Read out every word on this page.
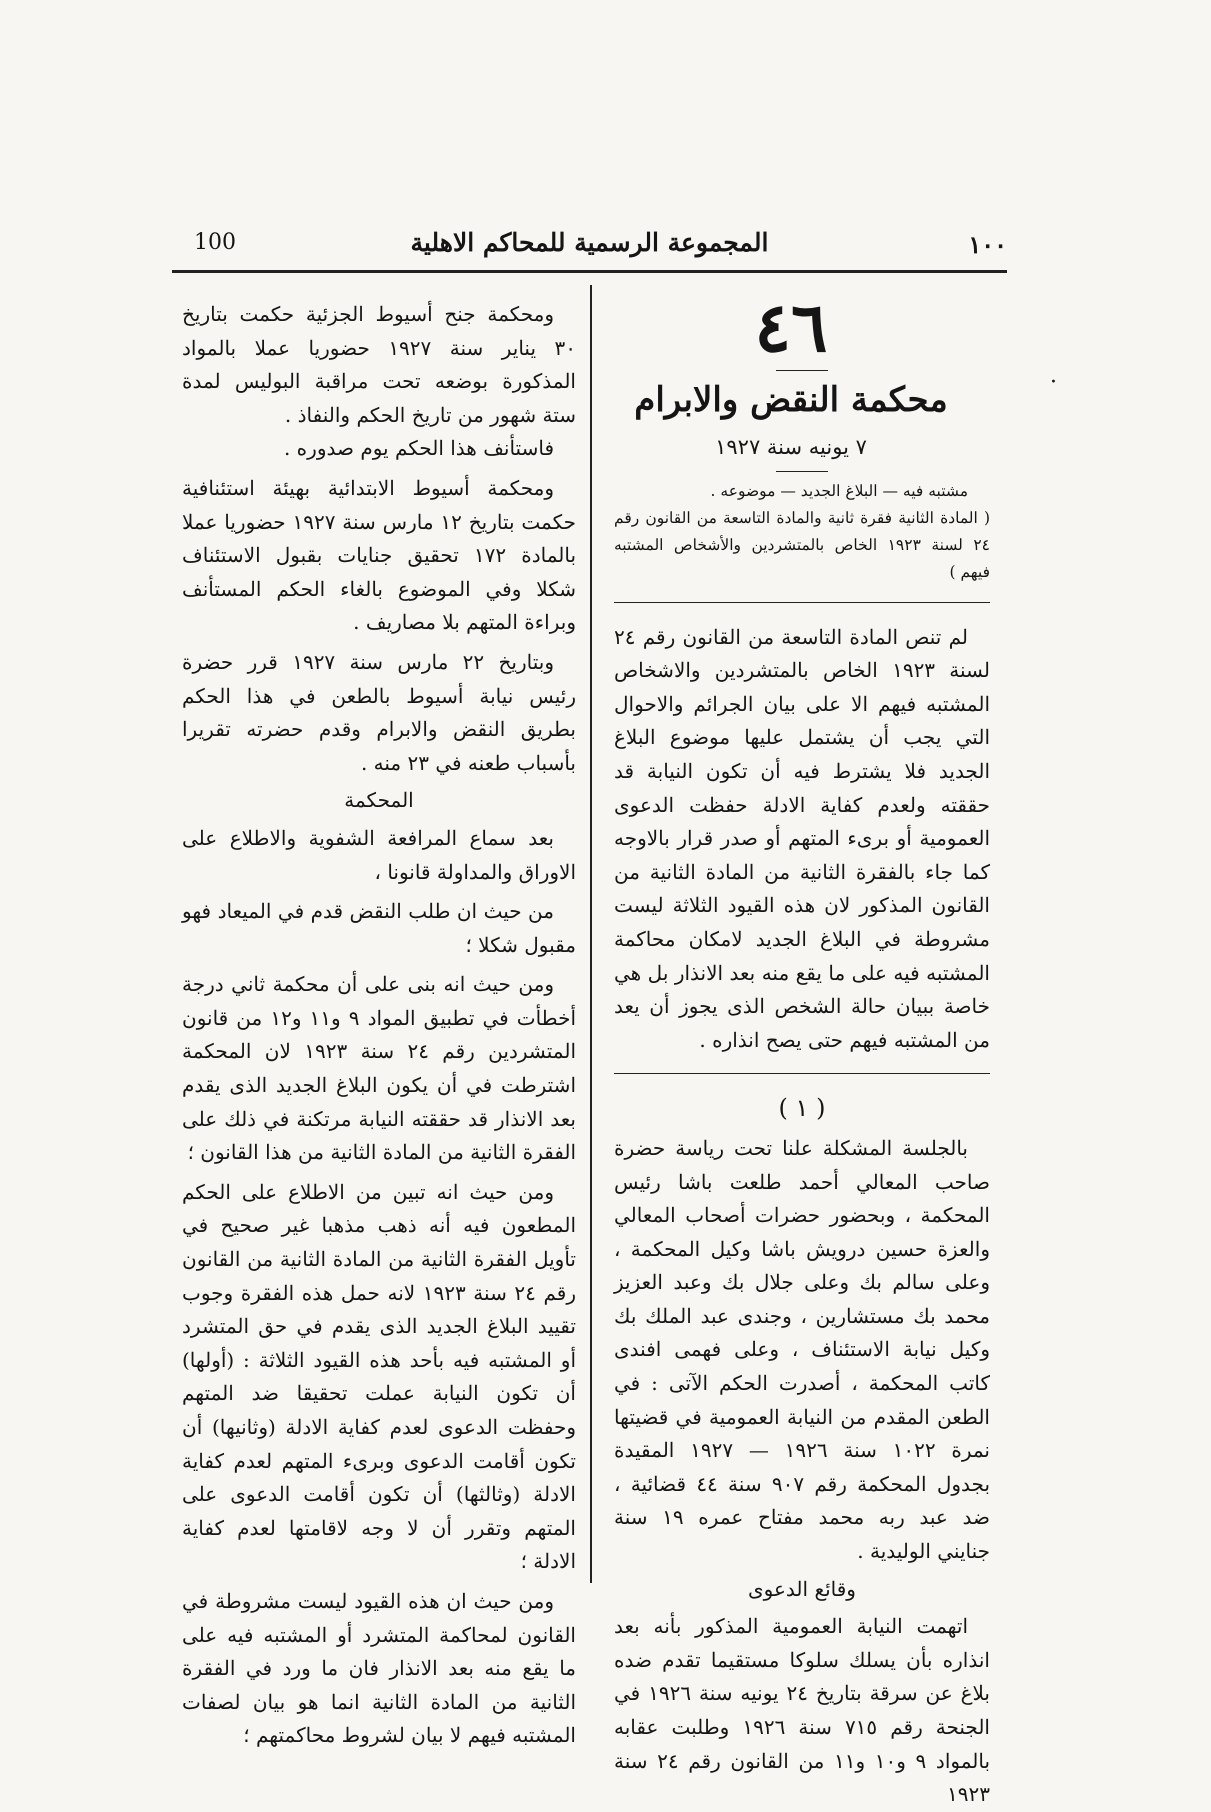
١٠٠
المجموعة الرسمية للمحاكم الاهلية
100
·

٤٦

محكمة النقض والابرام

٧ يونيه سنة ١٩٢٧

مشتبه فيه — البلاغ الجديد — موضوعه .

( المادة الثانية فقرة ثانية والمادة التاسعة من القانون رقم ٢٤ لسنة ١٩٢٣ الخاص بالمتشردين والأشخاص المشتبه فيهم )

لم تنص المادة التاسعة من القانون رقم ٢٤ لسنة ١٩٢٣ الخاص بالمتشردين والاشخاص المشتبه فيهم الا على بيان الجرائم والاحوال التي يجب أن يشتمل عليها موضوع البلاغ الجديد فلا يشترط فيه أن تكون النيابة قد حققته ولعدم كفاية الادلة حفظت الدعوى العمومية أو برىء المتهم أو صدر قرار بالاوجه كما جاء بالفقرة الثانية من المادة الثانية من القانون المذكور لان هذه القيود الثلاثة ليست مشروطة في البلاغ الجديد لامكان محاكمة المشتبه فيه على ما يقع منه بعد الانذار بل هي خاصة ببيان حالة الشخص الذى يجوز أن يعد من المشتبه فيهم حتى يصح انذاره .

( ١ )

بالجلسة المشكلة علنا تحت رياسة حضرة صاحب المعالي أحمد طلعت باشا رئيس المحكمة ، وبحضور حضرات أصحاب المعالي والعزة حسين درويش باشا وكيل المحكمة ، وعلى سالم بك وعلى جلال بك وعبد العزيز محمد بك مستشارين ، وجندى عبد الملك بك وكيل نيابة الاستئناف ، وعلى فهمى افندى كاتب المحكمة ، أصدرت الحكم الآتى : في الطعن المقدم من النيابة العمومية في قضيتها نمرة ١٠٢٢ سنة ١٩٢٦ — ١٩٢٧ المقيدة بجدول المحكمة رقم ٩٠٧ سنة ٤٤ قضائية ، ضد عبد ربه محمد مفتاح عمره ١٩ سنة جنايني الوليدية .

وقائع الدعوى

اتهمت النيابة العمومية المذكور بأنه بعد انذاره بأن يسلك سلوكا مستقيما تقدم ضده بلاغ عن سرقة بتاريخ ٢٤ يونيه سنة ١٩٢٦ في الجنحة رقم ٧١٥ سنة ١٩٢٦ وطلبت عقابه بالمواد ٩ و١٠ و١١ من القانون رقم ٢٤ سنة ١٩٢٣

ومحكمة جنح أسيوط الجزئية حكمت بتاريخ ٣٠ يناير سنة ١٩٢٧ حضوريا عملا بالمواد المذكورة بوضعه تحت مراقبة البوليس لمدة ستة شهور من تاريخ الحكم والنفاذ .

فاستأنف هذا الحكم يوم صدوره .

ومحكمة أسيوط الابتدائية بهيئة استئنافية حكمت بتاريخ ١٢ مارس سنة ١٩٢٧ حضوريا عملا بالمادة ١٧٢ تحقيق جنايات بقبول الاستئناف شكلا وفي الموضوع بالغاء الحكم المستأنف وبراءة المتهم بلا مصاريف .

وبتاريخ ٢٢ مارس سنة ١٩٢٧ قرر حضرة رئيس نيابة أسيوط بالطعن في هذا الحكم بطريق النقض والابرام وقدم حضرته تقريرا بأسباب طعنه في ٢٣ منه .

المحكمة

بعد سماع المرافعة الشفوية والاطلاع على الاوراق والمداولة قانونا ،

من حيث ان طلب النقض قدم في الميعاد فهو مقبول شكلا ؛

ومن حيث انه بنى على أن محكمة ثاني درجة أخطأت في تطبيق المواد ٩ و١١ و١٢ من قانون المتشردين رقم ٢٤ سنة ١٩٢٣ لان المحكمة اشترطت في أن يكون البلاغ الجديد الذى يقدم بعد الانذار قد حققته النيابة مرتكنة في ذلك على الفقرة الثانية من المادة الثانية من هذا القانون ؛

ومن حيث انه تبين من الاطلاع على الحكم المطعون فيه أنه ذهب مذهبا غير صحيح في تأويل الفقرة الثانية من المادة الثانية من القانون رقم ٢٤ سنة ١٩٢٣ لانه حمل هذه الفقرة وجوب تقييد البلاغ الجديد الذى يقدم في حق المتشرد أو المشتبه فيه بأحد هذه القيود الثلاثة : (أولها) أن تكون النيابة عملت تحقيقا ضد المتهم وحفظت الدعوى لعدم كفاية الادلة (وثانيها) أن تكون أقامت الدعوى وبرىء المتهم لعدم كفاية الادلة (وثالثها) أن تكون أقامت الدعوى على المتهم وتقرر أن لا وجه لاقامتها لعدم كفاية الادلة ؛

ومن حيث ان هذه القيود ليست مشروطة في القانون لمحاكمة المتشرد أو المشتبه فيه على ما يقع منه بعد الانذار فان ما ورد في الفقرة الثانية من المادة الثانية انما هو بيان لصفات المشتبه فيهم لا بيان لشروط محاكمتهم ؛
